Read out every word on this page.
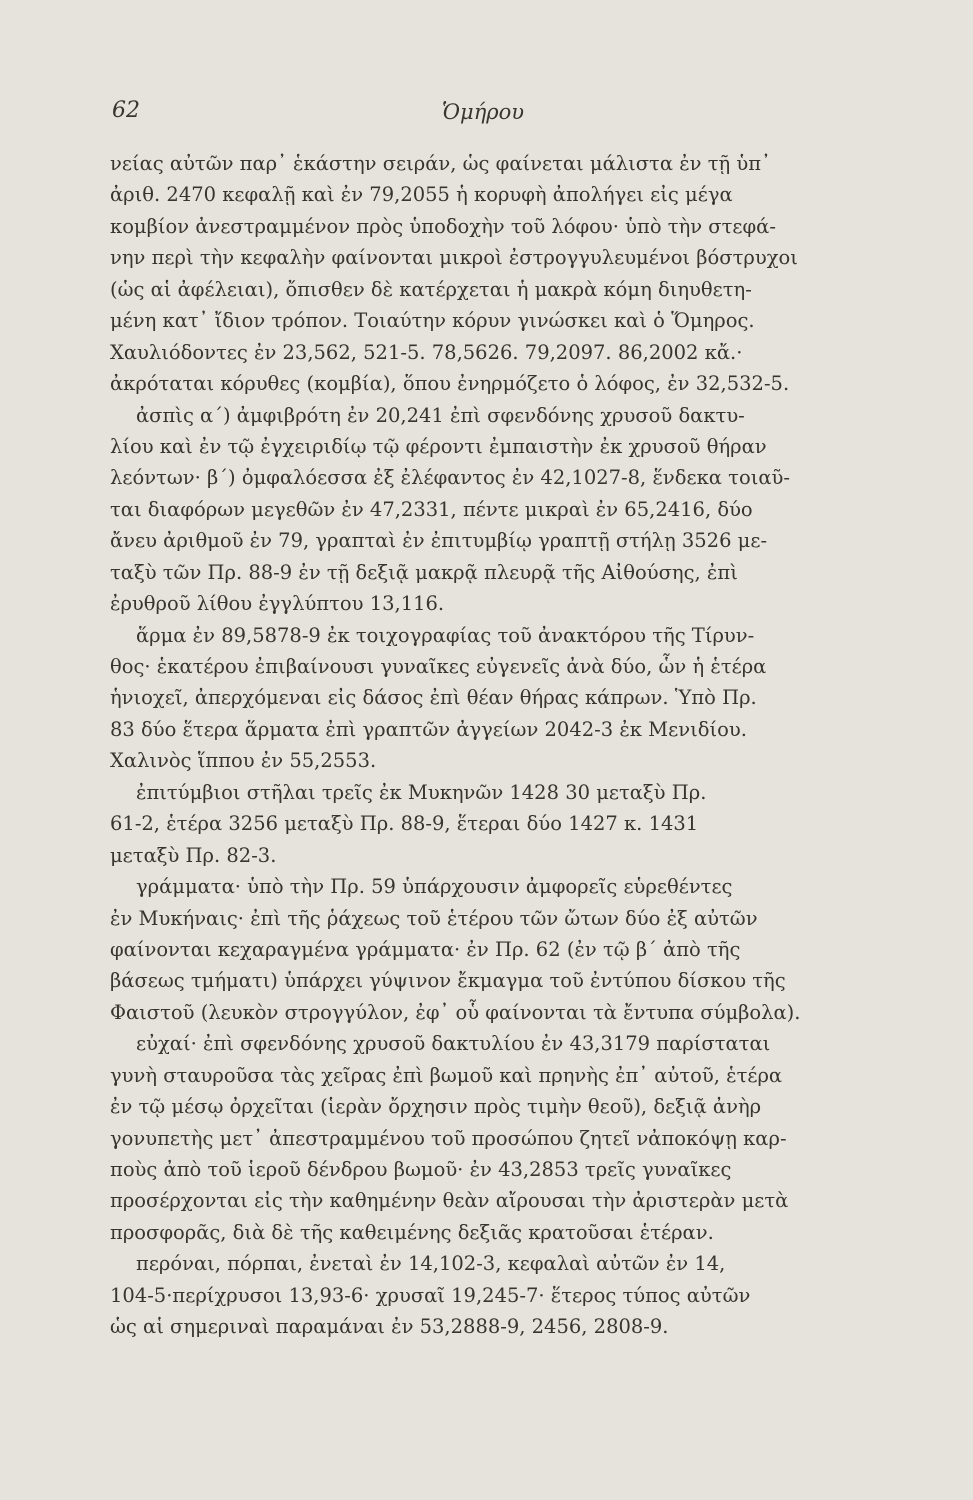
62	Ὁμήρου
νείας αὐτῶν παρ᾽ ἑκάστην σειράν, ὡς φαίνεται μάλιστα ἐν τῇ ὑπ᾽
ἀριθ. 2470 κεφαλῇ καὶ ἐν 79,2055 ἡ κορυφὴ ἀπολήγει εἰς μέγα
κομβίον ἀνεστραμμένον πρὸς ὑποδοχὴν τοῦ λόφου· ὑπὸ τὴν στεφά-
νην περὶ τὴν κεφαλὴν φαίνονται μικροὶ ἐστρογγυλευμένοι βόστρυχοι
(ὡς αἱ ἀφέλειαι), ὄπισθεν δὲ κατέρχεται ἡ μακρὰ κόμη διηυθετη-
μένη κατ᾽ ἴδιον τρόπον. Τοιαύτην κόρυν γινώσκει καὶ ὁ Ὅμηρος.
Χαυλιόδοντες ἐν 23,562, 521-5. 78,5626. 79,2097. 86,2002 κἄ.·
ἀκρόταται κόρυθες (κομβία), ὅπου ἐνηρμόζετο ὁ λόφος, ἐν 32,532-5.
ἀσπὶς α΄) ἀμφιβρότη ἐν 20,241 ἐπὶ σφενδόνης χρυσοῦ δακτυ-
λίου καὶ ἐν τῷ ἐγχειριδίῳ τῷ φέροντι ἐμπαιστὴν ἐκ χρυσοῦ θήραν
λεόντων· β΄) ὀμφαλόεσσα ἐξ ἐλέφαντος ἐν 42,1027-8, ἕνδεκα τοιαῦ-
ται διαφόρων μεγεθῶν ἐν 47,2331, πέντε μικραὶ ἐν 65,2416, δύο
ἄνευ ἀριθμοῦ ἐν 79, γραπταὶ ἐν ἐπιτυμβίῳ γραπτῇ στήλῃ 3526 με-
ταξὺ τῶν Πρ. 88-9 ἐν τῇ δεξιᾷ μακρᾷ πλευρᾷ τῆς Αἰθούσης, ἐπὶ
ἐρυθροῦ λίθου ἐγγλύπτου 13,116.
ἅρμα ἐν 89,5878-9 ἐκ τοιχογραφίας τοῦ ἀνακτόρου τῆς Τίρυν-
θος· ἑκατέρου ἐπιβαίνουσι γυναῖκες εὐγενεῖς ἀνὰ δύο, ὧν ἡ ἑτέρα
ἡνιοχεῖ, ἀπερχόμεναι εἰς δάσος ἐπὶ θέαν θήρας κάπρων. Ὑπὸ Πρ.
83 δύο ἕτερα ἅρματα ἐπὶ γραπτῶν ἀγγείων 2042-3 ἐκ Μενιδίου.
Χαλινὸς ἵππου ἐν 55,2553.
ἐπιτύμβιοι στῆλαι τρεῖς ἐκ Μυκηνῶν 1428 30 μεταξὺ Πρ.
61-2, ἑτέρα 3256 μεταξὺ Πρ. 88-9, ἕτεραι δύο 1427 κ. 1431
μεταξὺ Πρ. 82-3.
γράμματα· ὑπὸ τὴν Πρ. 59 ὑπάρχουσιν ἀμφορεῖς εὑρεθέντες
ἐν Μυκήναις· ἐπὶ τῆς ῥάχεως τοῦ ἑτέρου τῶν ὤτων δύο ἐξ αὐτῶν
φαίνονται κεχαραγμένα γράμματα· ἐν Πρ. 62 (ἐν τῷ β΄ ἀπὸ τῆς
βάσεως τμήματι) ὑπάρχει γύψινον ἔκμαγμα τοῦ ἐντύπου δίσκου τῆς
Φαιστοῦ (λευκὸν στρογγύλον, ἐφ᾽ οὗ φαίνονται τὰ ἔντυπα σύμβολα).
εὐχαί· ἐπὶ σφενδόνης χρυσοῦ δακτυλίου ἐν 43,3179 παρίσταται
γυνὴ σταυροῦσα τὰς χεῖρας ἐπὶ βωμοῦ καὶ πρηνὴς ἐπ᾽ αὐτοῦ, ἑτέρα
ἐν τῷ μέσῳ ὀρχεῖται (ἱερὰν ὄρχησιν πρὸς τιμὴν θεοῦ), δεξιᾷ ἀνὴρ
γονυπετὴς μετ᾽ ἀπεστραμμένου τοῦ προσώπου ζητεῖ νἀποκόψῃ καρ-
ποὺς ἀπὸ τοῦ ἱεροῦ δένδρου βωμοῦ· ἐν 43,2853 τρεῖς γυναῖκες
προσέρχονται εἰς τὴν καθημένην θεὰν αἴρουσαι τὴν ἀριστερὰν μετὰ
προσφορᾶς, διὰ δὲ τῆς καθειμένης δεξιᾶς κρατοῦσαι ἑτέραν.
περόναι, πόρπαι, ἐνεταὶ ἐν 14,102-3, κεφαλαὶ αὐτῶν ἐν 14,
104-5·περίχρυσοι 13,93-6· χρυσαῖ 19,245-7· ἕτερος τύπος αὐτῶν
ὡς αἱ σημεριναὶ παραμάναι ἐν 53,2888-9, 2456, 2808-9.
